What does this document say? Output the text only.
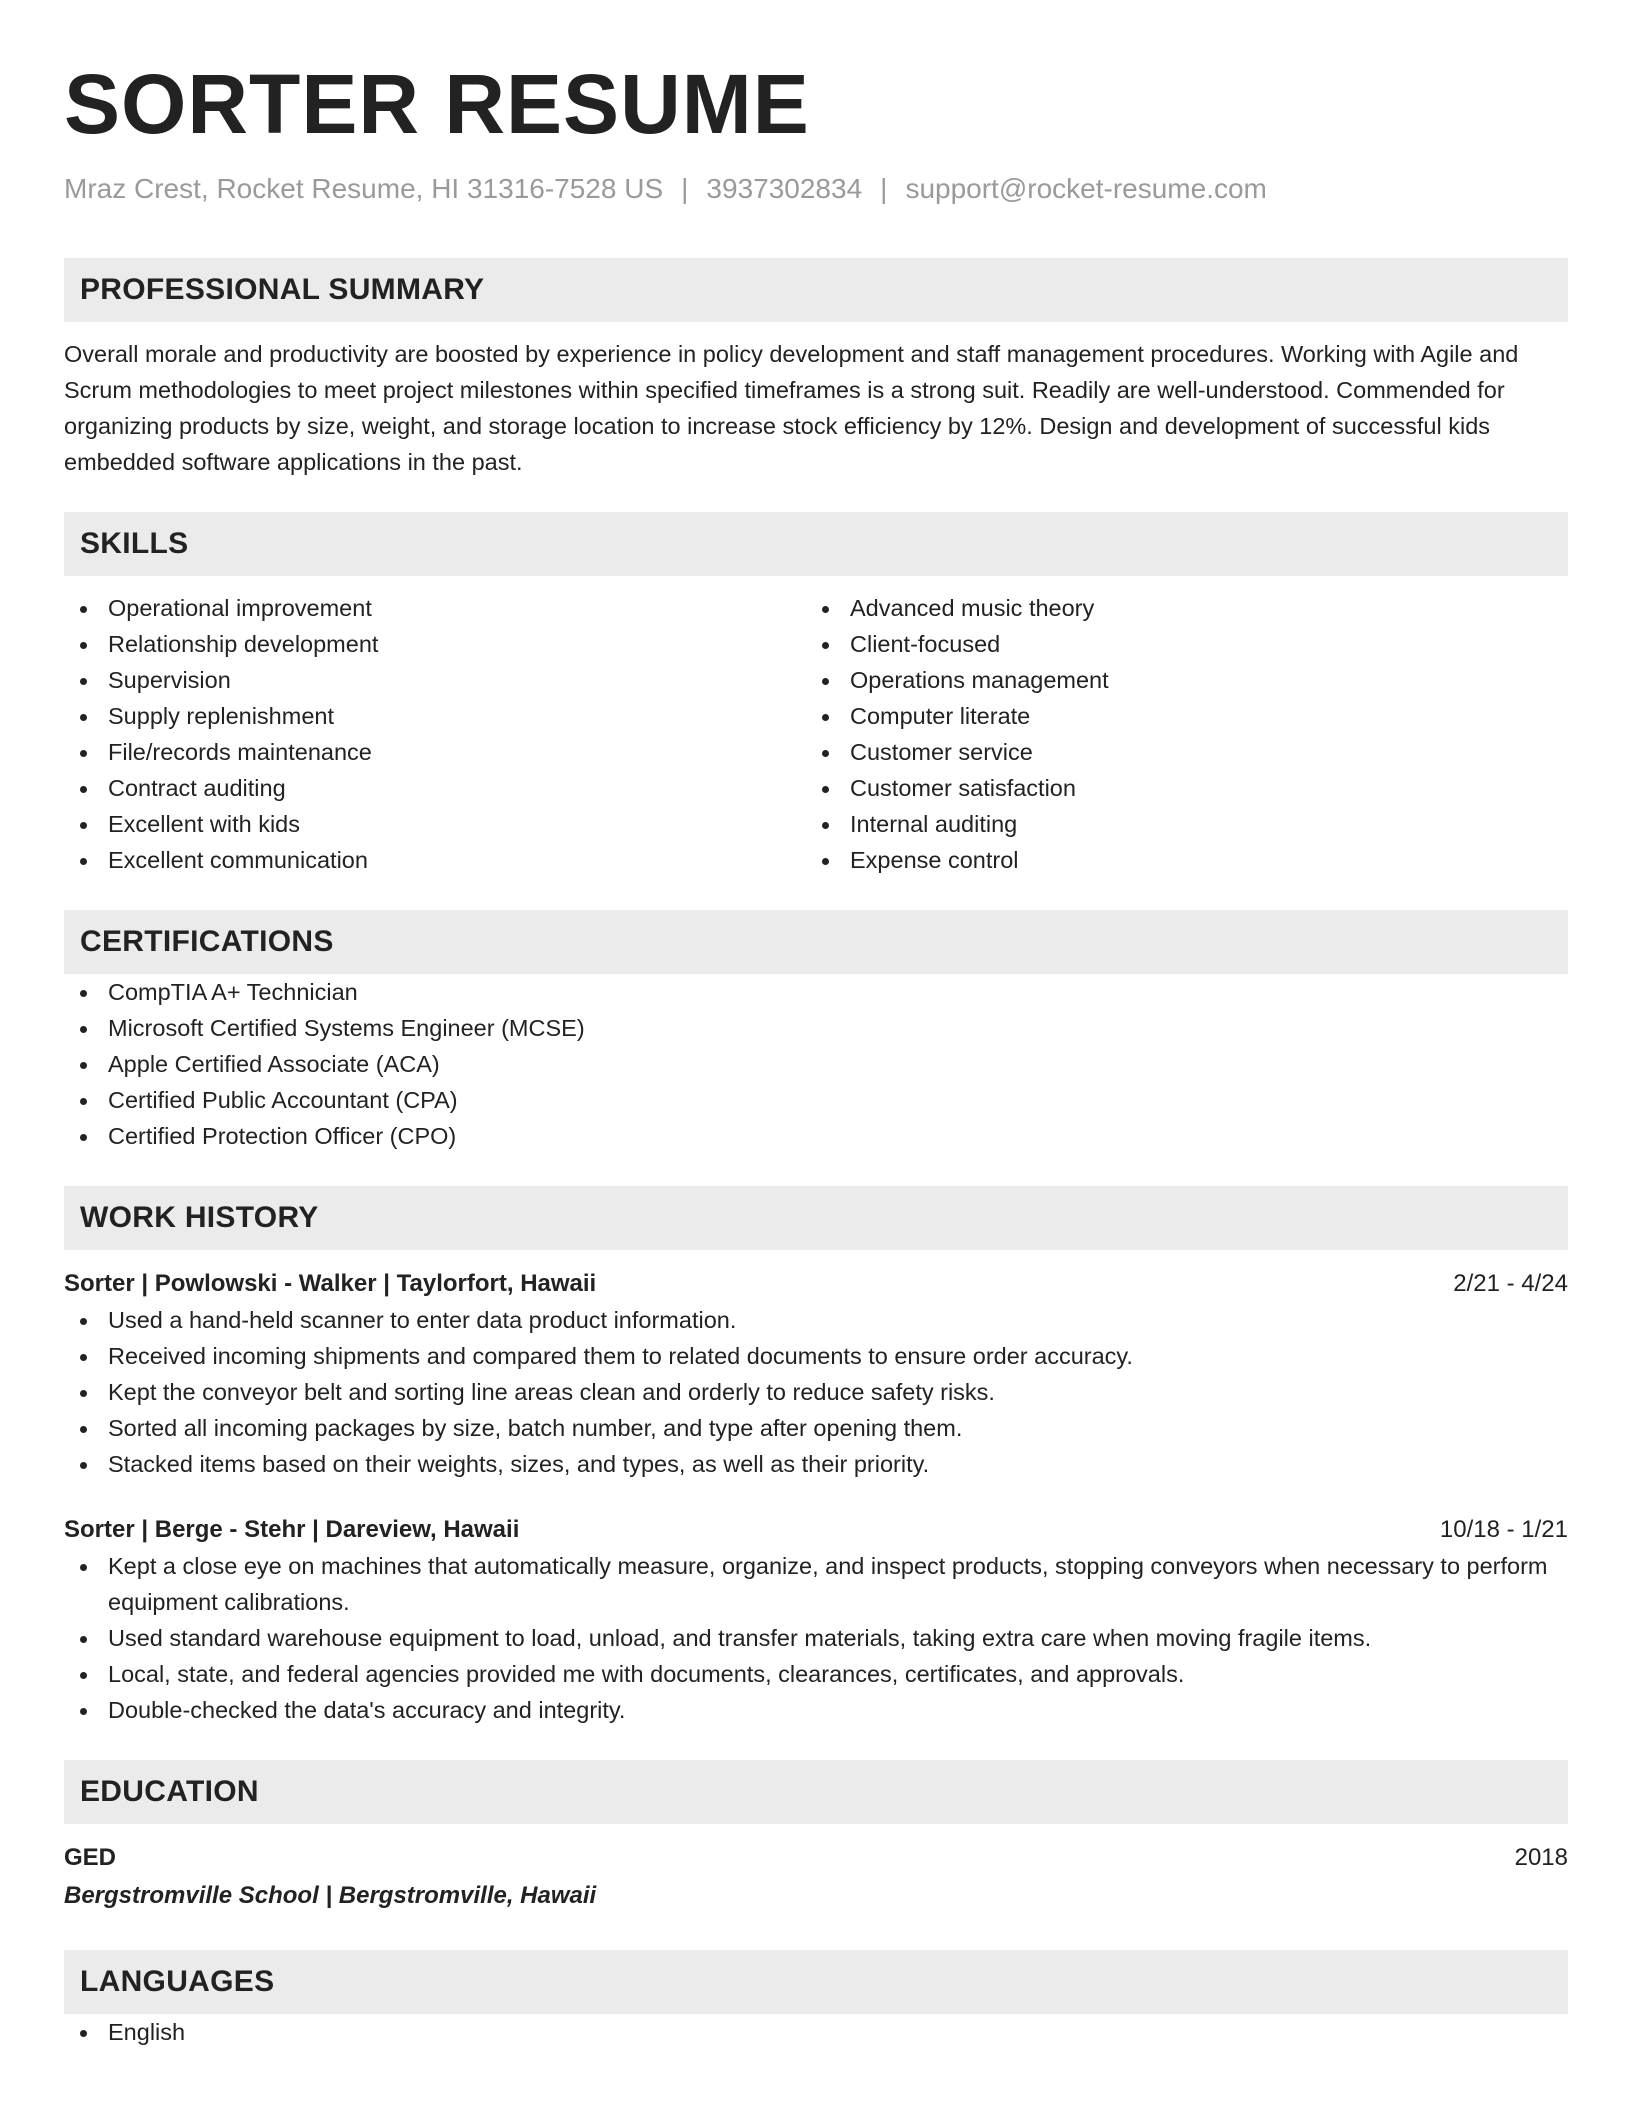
SORTER RESUME
Mraz Crest, Rocket Resume, HI 31316-7528 US | 3937302834 | support@rocket-resume.com
PROFESSIONAL SUMMARY

Overall morale and productivity are boosted by experience in policy development and staff management procedures. Working with Agile and Scrum methodologies to meet project milestones within specified timeframes is a strong suit. Readily are well-understood. Commended for organizing products by size, weight, and storage location to increase stock efficiency by 12%. Design and development of successful kids embedded software applications in the past.

SKILLS
Operational improvement
Relationship development
Supervision
Supply replenishment
File/records maintenance
Contract auditing
Excellent with kids
Excellent communication
Advanced music theory
Client-focused
Operations management
Computer literate
Customer service
Customer satisfaction
Internal auditing
Expense control
CERTIFICATIONS
CompTIA A+ Technician
Microsoft Certified Systems Engineer (MCSE)
Apple Certified Associate (ACA)
Certified Public Accountant (CPA)
Certified Protection Officer (CPO)
WORK HISTORY
Sorter | Powlowski - Walker | Taylorfort, Hawaii	2/21 - 4/24
Used a hand-held scanner to enter data product information.
Received incoming shipments and compared them to related documents to ensure order accuracy.
Kept the conveyor belt and sorting line areas clean and orderly to reduce safety risks.
Sorted all incoming packages by size, batch number, and type after opening them.
Stacked items based on their weights, sizes, and types, as well as their priority.
Sorter | Berge - Stehr | Dareview, Hawaii	10/18 - 1/21
Kept a close eye on machines that automatically measure, organize, and inspect products, stopping conveyors when necessary to perform equipment calibrations.
Used standard warehouse equipment to load, unload, and transfer materials, taking extra care when moving fragile items.
Local, state, and federal agencies provided me with documents, clearances, certificates, and approvals.
Double-checked the data's accuracy and integrity.
EDUCATION
GED	2018
Bergstromville School | Bergstromville, Hawaii
LANGUAGES
English
